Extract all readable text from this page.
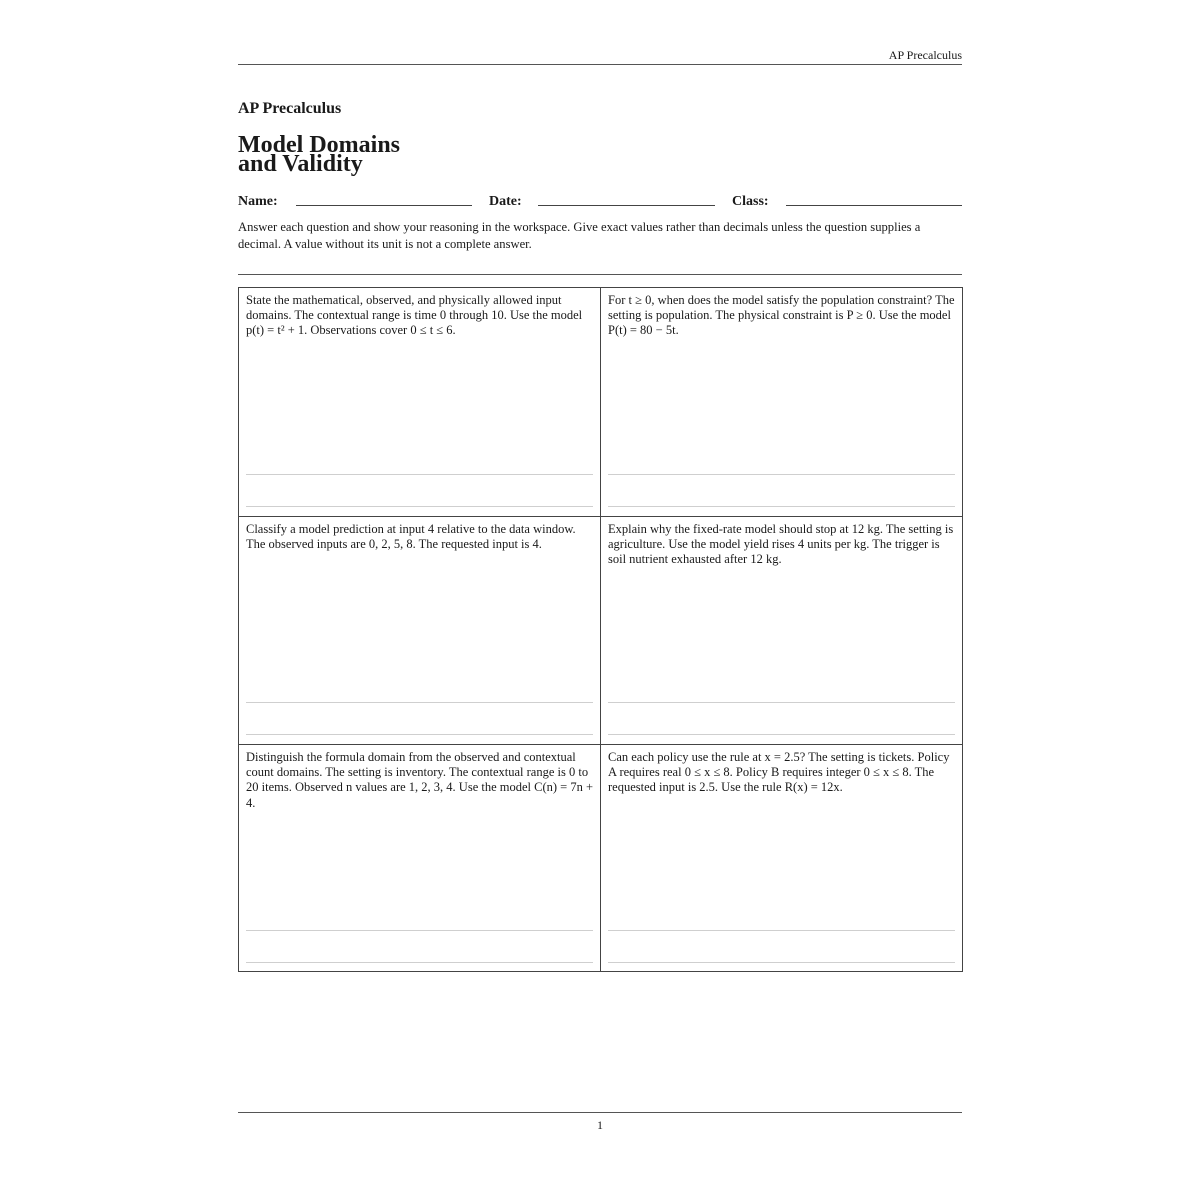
AP Precalculus
AP Precalculus
Model Domains
and Validity
Name:	Date:	Class:
Answer each question and show your reasoning in the workspace. Give exact values rather than decimals unless the question supplies a decimal. A value without its unit is not a complete answer.
State the mathematical, observed, and physically allowed input domains. The contextual range is time 0 through 10. Use the model p(t) = t² + 1. Observations cover 0 ≤ t ≤ 6.
For t ≥ 0, when does the model satisfy the population constraint? The setting is population. The physical constraint is P ≥ 0. Use the model P(t) = 80 − 5t.
Classify a model prediction at input 4 relative to the data window. The observed inputs are 0, 2, 5, 8. The requested input is 4.
Explain why the fixed-rate model should stop at 12 kg. The setting is agriculture. Use the model yield rises 4 units per kg. The trigger is soil nutrient exhausted after 12 kg.
Distinguish the formula domain from the observed and contextual count domains. The setting is inventory. The contextual range is 0 to 20 items. Observed n values are 1, 2, 3, 4. Use the model C(n) = 7n + 4.
Can each policy use the rule at x = 2.5? The setting is tickets. Policy A requires real 0 ≤ x ≤ 8. Policy B requires integer 0 ≤ x ≤ 8. The requested input is 2.5. Use the rule R(x) = 12x.
1
